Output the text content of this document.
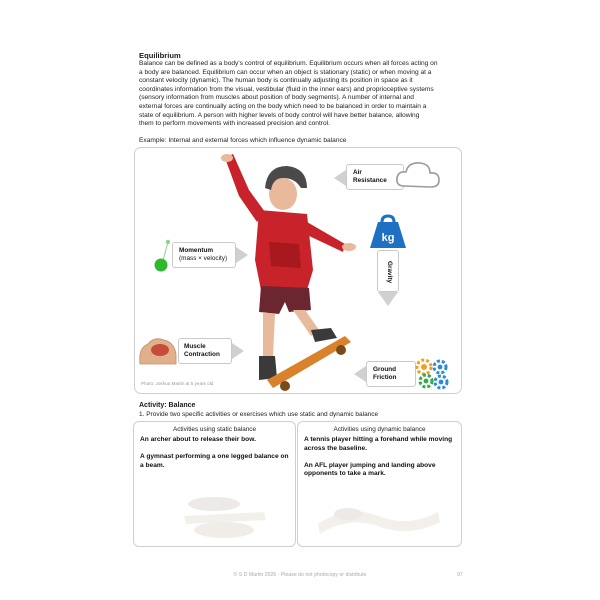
Equilibrium
Balance can be defined as a body's control of equilibrium. Equilibrium occurs when all forces acting on
a body are balanced. Equilibrium can occur when an object is stationary (static) or when moving at a
constant velocity (dynamic). The human body is continually adjusting its position in space as it
coordinates information from the visual, vestibular (fluid in the inner ears) and proprioceptive systems
(sensory information from muscles about position of body segments). A number of internal and
external forces are continually acting on the body which need to be balanced in order to maintain a
state of equilibrium. A person with higher levels of body control will have better balance, allowing
them to perform movements with increased precision and control.
Example: Internal and external forces which influence dynamic balance
Air
Resistance
kg
Gravity
Momentum
(mass × velocity)
Muscle
Contraction
Ground
Friction
Photo: Joshua Martin at 5 years old
Activity: Balance
1. Provide two specific activities or exercises which use static and dynamic balance
Activities using static balance

An archer about to release their bow.

A gymnast performing a one legged balance on a beam.

Activities using dynamic balance

A tennis player hitting a forehand while moving across the baseline.

An AFL player jumping and landing above opponents to take a mark.

© S D Martin 2026 - Please do not photocopy or distribute	97
